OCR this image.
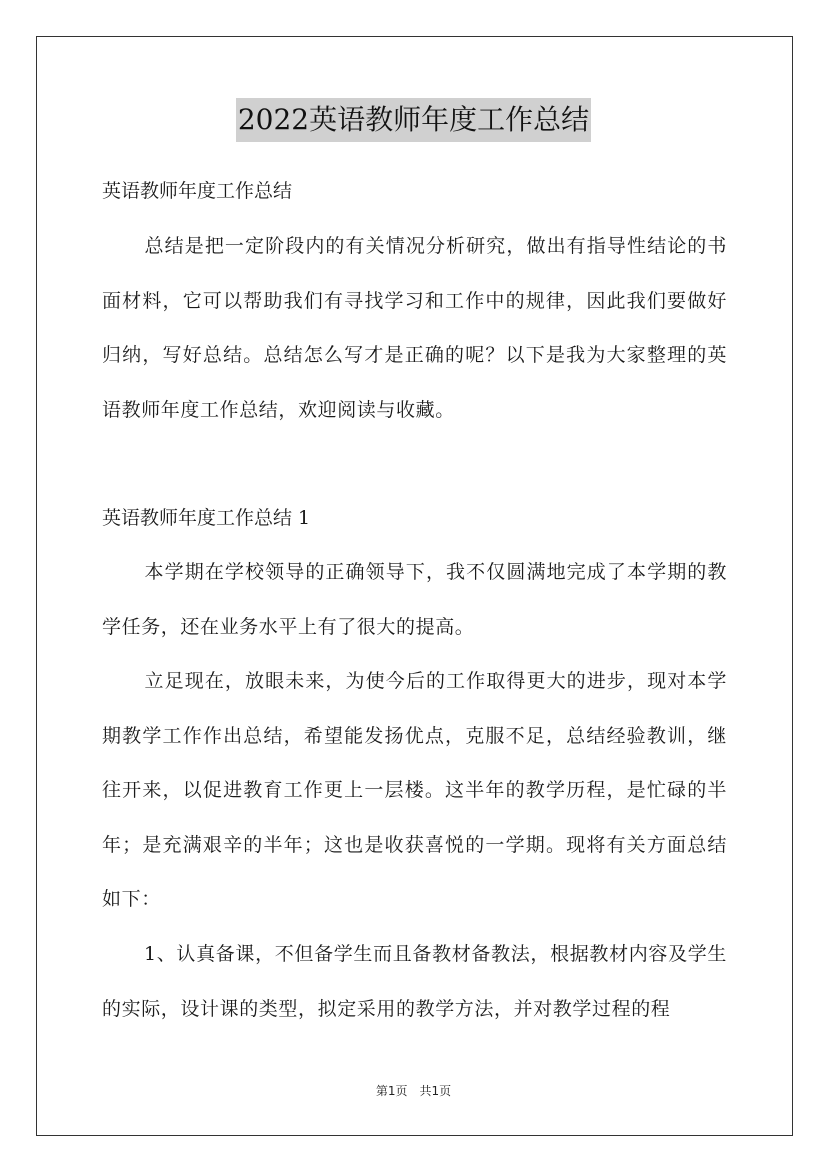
2022英语教师年度工作总结
英语教师年度工作总结
总结是把一定阶段内的有关情况分析研究，做出有指导性结论的书面材料，它可以帮助我们有寻找学习和工作中的规律，因此我们要做好归纳，写好总结。总结怎么写才是正确的呢？以下是我为大家整理的英语教师年度工作总结，欢迎阅读与收藏。
英语教师年度工作总结 1
本学期在学校领导的正确领导下，我不仅圆满地完成了本学期的教学任务，还在业务水平上有了很大的提高。
立足现在，放眼未来，为使今后的工作取得更大的进步，现对本学期教学工作作出总结，希望能发扬优点，克服不足，总结经验教训，继往开来，以促进教育工作更上一层楼。这半年的教学历程，是忙碌的半年；是充满艰辛的半年；这也是收获喜悦的一学期。现将有关方面总结如下：
1、认真备课，不但备学生而且备教材备教法，根据教材内容及学生的实际，设计课的类型，拟定采用的教学方法，并对教学过程的程
第1页 共1页
